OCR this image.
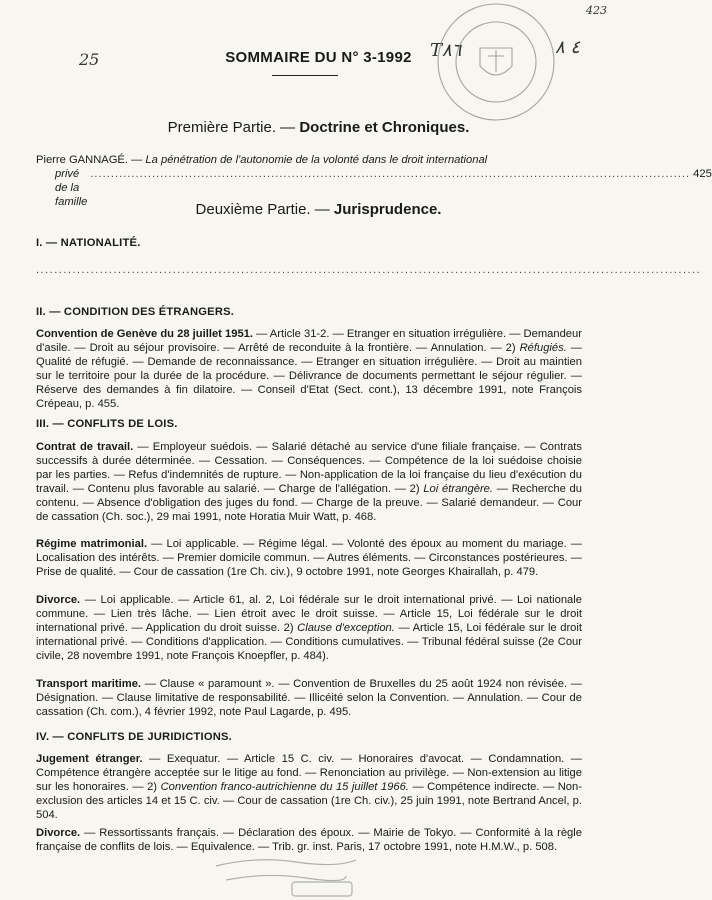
25
423
T٨٦	٤ ٨
SOMMAIRE DU N° 3-1992
Première Partie. — Doctrine et Chroniques.
Pierre GANNAGÉ. — La pénétration de l'autonomie de la volonté dans le droit international
privé de la famille
.................................................................................................................................................. 425
Deuxième Partie. — Jurisprudence.
I. — NATIONALITÉ.
..................................................................................................................................................
II. — CONDITION DES ÉTRANGERS.
Convention de Genève du 28 juillet 1951. — Article 31-2. — Etranger en situation irrégulière. — Demandeur d'asile. — Droit au séjour provisoire. — Arrêté de reconduite à la frontière. — Annulation. — 2) Réfugiés. — Qualité de réfugié. — Demande de reconnaissance. — Etranger en situation irrégulière. — Droit au maintien sur le territoire pour la durée de la procédure. — Délivrance de documents permettant le séjour régulier. — Réserve des demandes à fin dilatoire. — Conseil d'Etat (Sect. cont.), 13 décembre 1991, note François Crépeau, p. 455.
III. — CONFLITS DE LOIS.
Contrat de travail. — Employeur suédois. — Salarié détaché au service d'une filiale française. — Contrats successifs à durée déterminée. — Cessation. — Conséquences. — Compétence de la loi suédoise choisie par les parties. — Refus d'indemnités de rupture. — Non-application de la loi française du lieu d'exécution du travail. — Contenu plus favorable au salarié. — Charge de l'allégation. — 2) Loi étrangère. — Recherche du contenu. — Absence d'obligation des juges du fond. — Charge de la preuve. — Salarié demandeur. — Cour de cassation (Ch. soc.), 29 mai 1991, note Horatia Muir Watt, p. 468.
Régime matrimonial. — Loi applicable. — Régime légal. — Volonté des époux au moment du mariage. — Localisation des intérêts. — Premier domicile commun. — Autres éléments. — Circonstances postérieures. — Prise de qualité. — Cour de cassation (1re Ch. civ.), 9 octobre 1991, note Georges Khairallah, p. 479.
Divorce. — Loi applicable. — Article 61, al. 2, Loi fédérale sur le droit international privé. — Loi nationale commune. — Lien très lâche. — Lien étroit avec le droit suisse. — Article 15, Loi fédérale sur le droit international privé. — Application du droit suisse. 2) Clause d'exception. — Article 15, Loi fédérale sur le droit international privé. — Conditions d'application. — Conditions cumulatives. — Tribunal fédéral suisse (2e Cour civile, 28 novembre 1991, note François Knoepfler, p. 484).
Transport maritime. — Clause « paramount ». — Convention de Bruxelles du 25 août 1924 non révisée. — Désignation. — Clause limitative de responsabilité. — Illicéité selon la Convention. — Annulation. — Cour de cassation (Ch. com.), 4 février 1992, note Paul Lagarde, p. 495.
IV. — CONFLITS DE JURIDICTIONS.
Jugement étranger. — Exequatur. — Article 15 C. civ. — Honoraires d'avocat. — Condamnation. — Compétence étrangère acceptée sur le litige au fond. — Renonciation au privilège. — Non-extension au litige sur les honoraires. — 2) Convention franco-autrichienne du 15 juillet 1966. — Compétence indirecte. — Non-exclusion des articles 14 et 15 C. civ. — Cour de cassation (1re Ch. civ.), 25 juin 1991, note Bertrand Ancel, p. 504.
Divorce. — Ressortissants français. — Déclaration des époux. — Mairie de Tokyo. — Conformité à la règle française de conflits de lois. — Equivalence. — Trib. gr. inst. Paris, 17 octobre 1991, note H.M.W., p. 508.
